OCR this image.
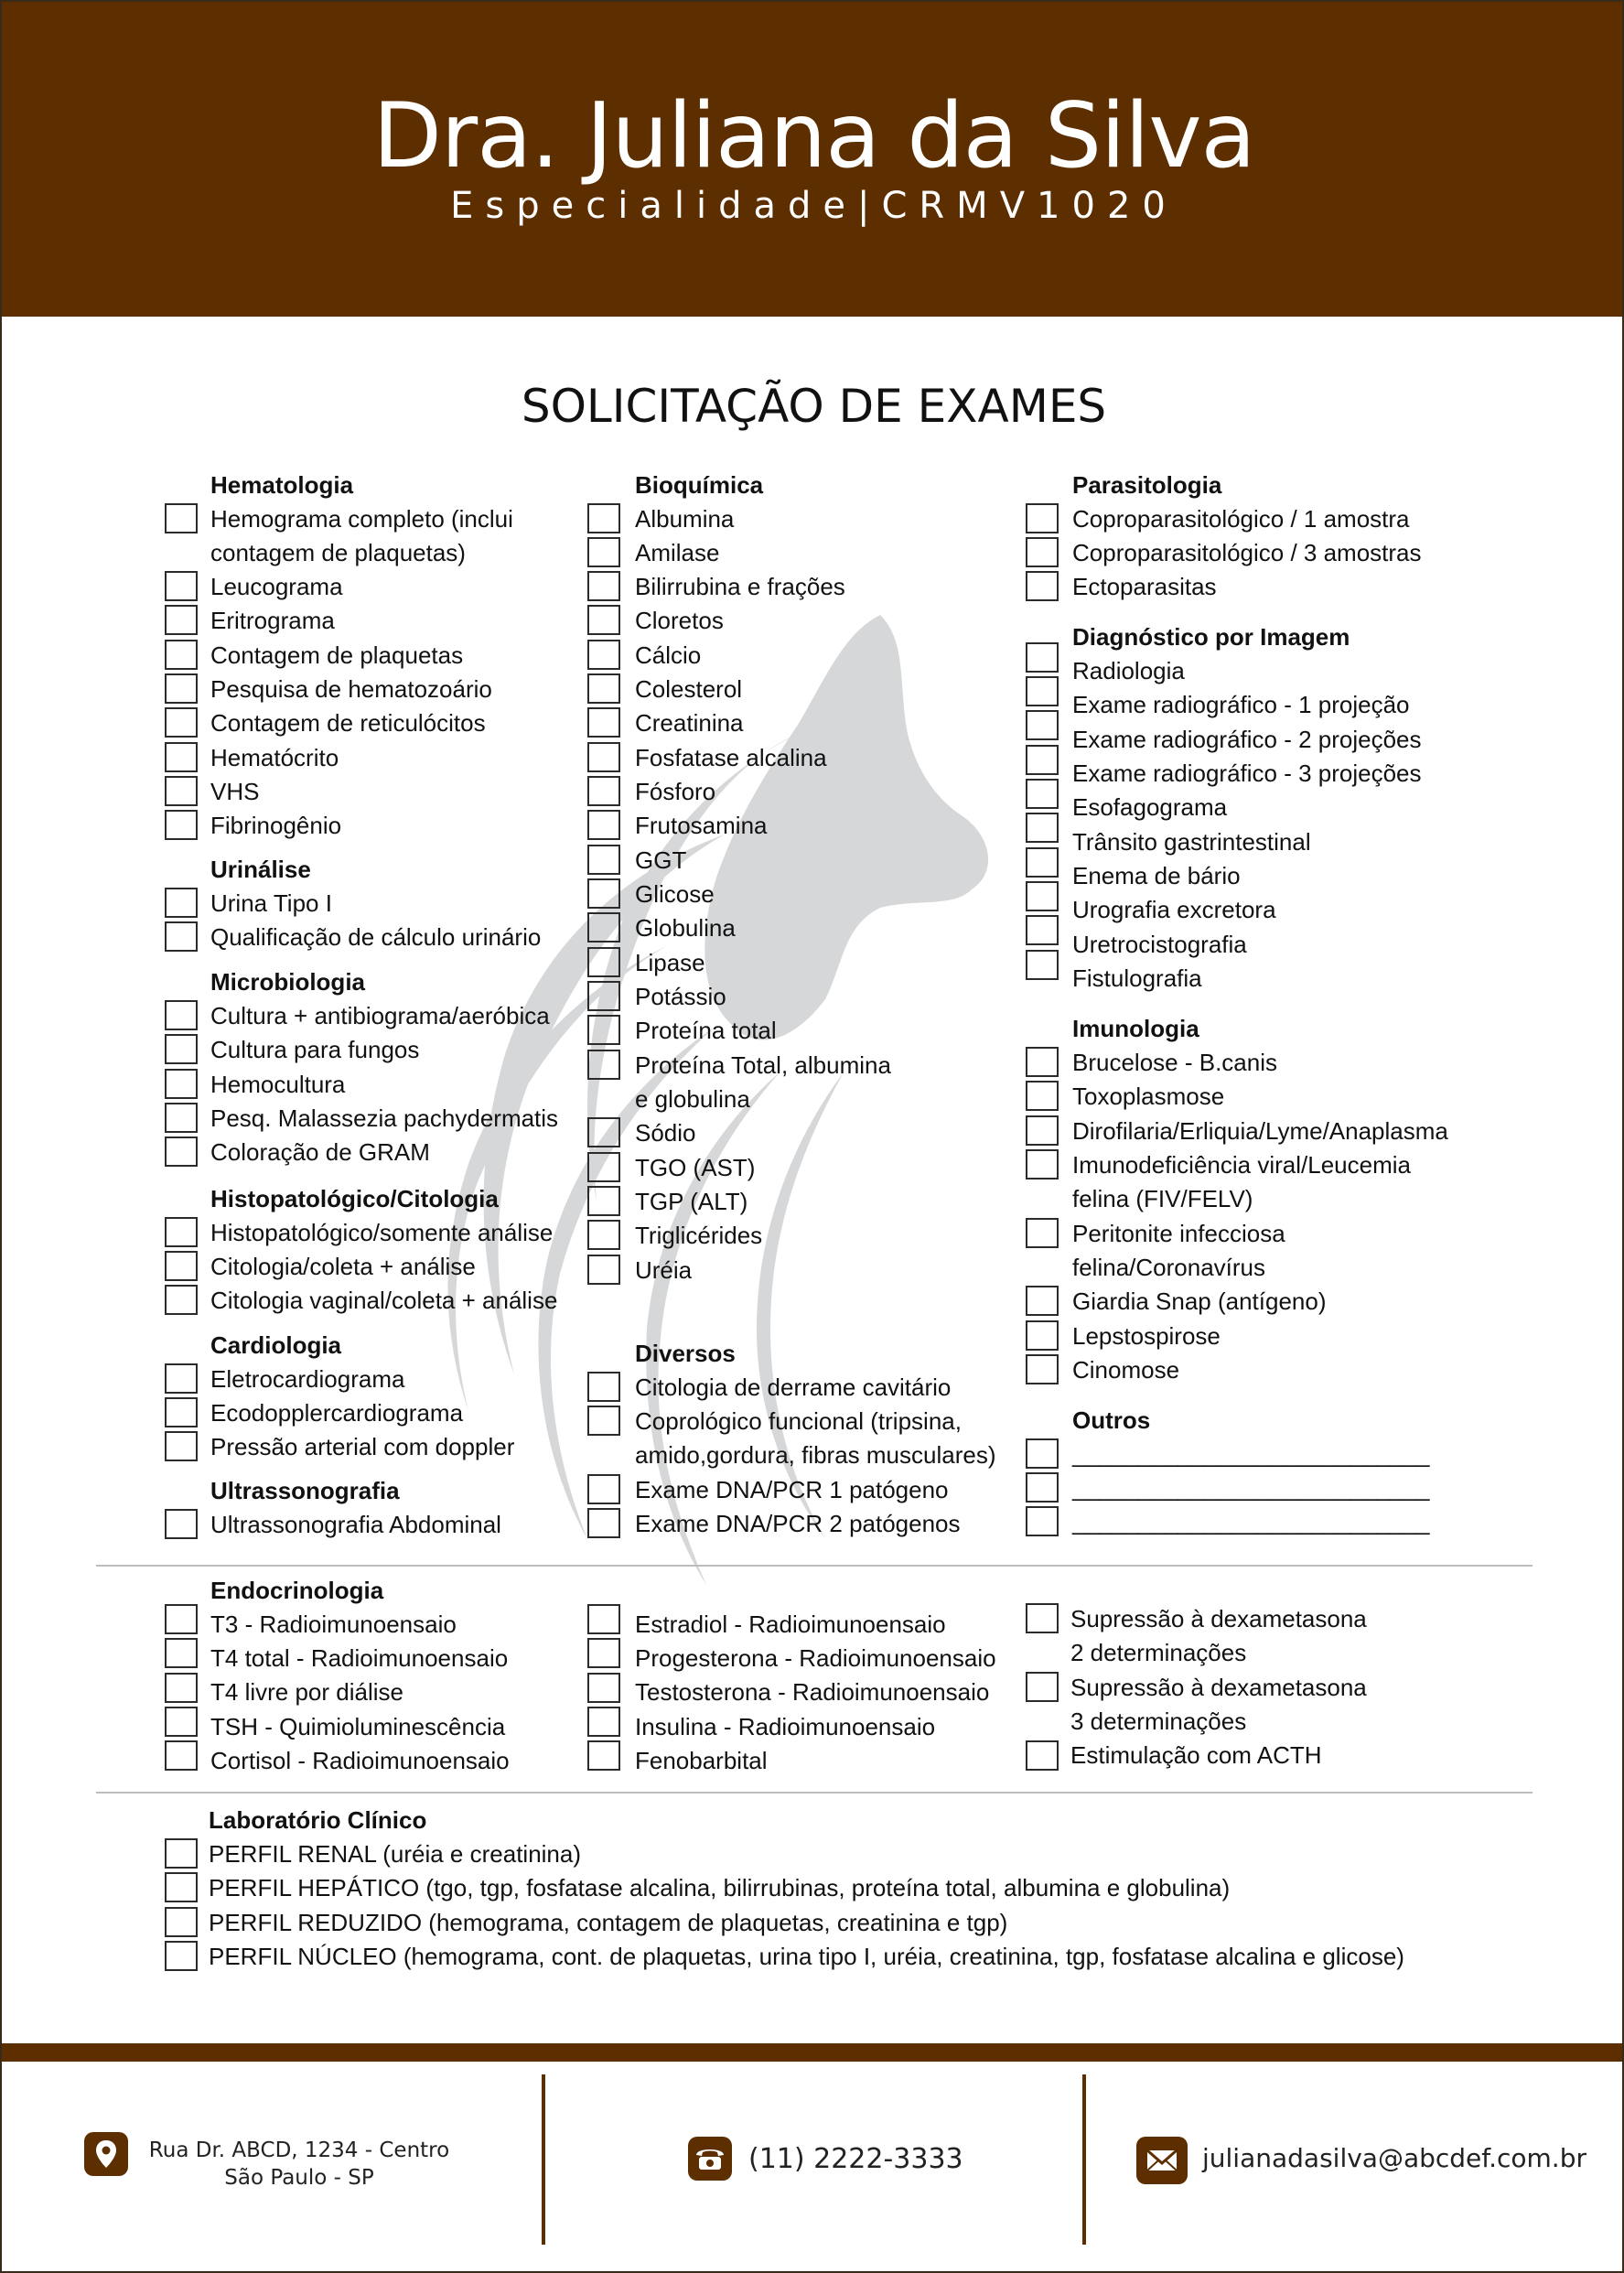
Dra. Juliana da Silva
Especialidade|CRMV1020
SOLICITAÇÃO DE EXAMES
Hematologia
Hemograma completo (inclui
contagem de plaquetas)
Leucograma
Eritrograma
Contagem de plaquetas
Pesquisa de hematozoário
Contagem de reticulócitos
Hematócrito
VHS
Fibrinogênio
Urinálise
Urina Tipo I
Qualificação de cálculo urinário
Microbiologia
Cultura + antibiograma/aeróbica
Cultura para fungos
Hemocultura
Pesq. Malassezia pachydermatis
Coloração de GRAM
Histopatológico/Citologia
Histopatológico/somente análise
Citologia/coleta + análise
Citologia vaginal/coleta + análise
Cardiologia
Eletrocardiograma
Ecodopplercardiograma
Pressão arterial com doppler
Ultrassonografia
Ultrassonografia Abdominal
Bioquímica
Albumina
Amilase
Bilirrubina e frações
Cloretos
Cálcio
Colesterol
Creatinina
Fosfatase alcalina
Fósforo
Frutosamina
GGT
Glicose
Globulina
Lipase
Potássio
Proteína total
Proteína Total, albumina
e globulina
Sódio
TGO (AST)
TGP (ALT)
Triglicérides
Uréia
Diversos
Citologia de derrame cavitário
Coprológico funcional (tripsina,
amido,gordura, fibras musculares)
Exame DNA/PCR 1 patógeno
Exame DNA/PCR 2 patógenos
Parasitologia
Coproparasitológico / 1 amostra
Coproparasitológico / 3 amostras
Ectoparasitas
Diagnóstico por Imagem
Radiologia
Exame radiográfico - 1 projeção
Exame radiográfico - 2 projeções
Exame radiográfico - 3 projeções
Esofagograma
Trânsito gastrintestinal
Enema de bário
Urografia excretora
Uretrocistografia
Fistulografia
Imunologia
Brucelose - B.canis
Toxoplasmose
Dirofilaria/Erliquia/Lyme/Anaplasma
Imunodeficiência viral/Leucemia
felina (FIV/FELV)
Peritonite infecciosa
felina/Coronavírus
Giardia Snap (antígeno)
Lepstospirose
Cinomose
Outros
___________________________
___________________________
___________________________
Endocrinologia
T3 - Radioimunoensaio
T4 total - Radioimunoensaio
T4 livre por diálise
TSH - Quimioluminescência
Cortisol - Radioimunoensaio
Estradiol - Radioimunoensaio
Progesterona - Radioimunoensaio
Testosterona - Radioimunoensaio
Insulina - Radioimunoensaio
Fenobarbital
Supressão à dexametasona
2 determinações
Supressão à dexametasona
3 determinações
Estimulação com ACTH
Laboratório Clínico
PERFIL RENAL (uréia e creatinina)
PERFIL HEPÁTICO (tgo, tgp, fosfatase alcalina, bilirrubinas, proteína total, albumina e globulina)
PERFIL REDUZIDO (hemograma, contagem de plaquetas, creatinina e tgp)
PERFIL NÚCLEO (hemograma, cont. de plaquetas, urina tipo I, uréia, creatinina, tgp, fosfatase alcalina e glicose)
Rua Dr. ABCD, 1234 - Centro
São Paulo - SP
(11) 2222-3333	julianadasilva@abcdef.com.br
